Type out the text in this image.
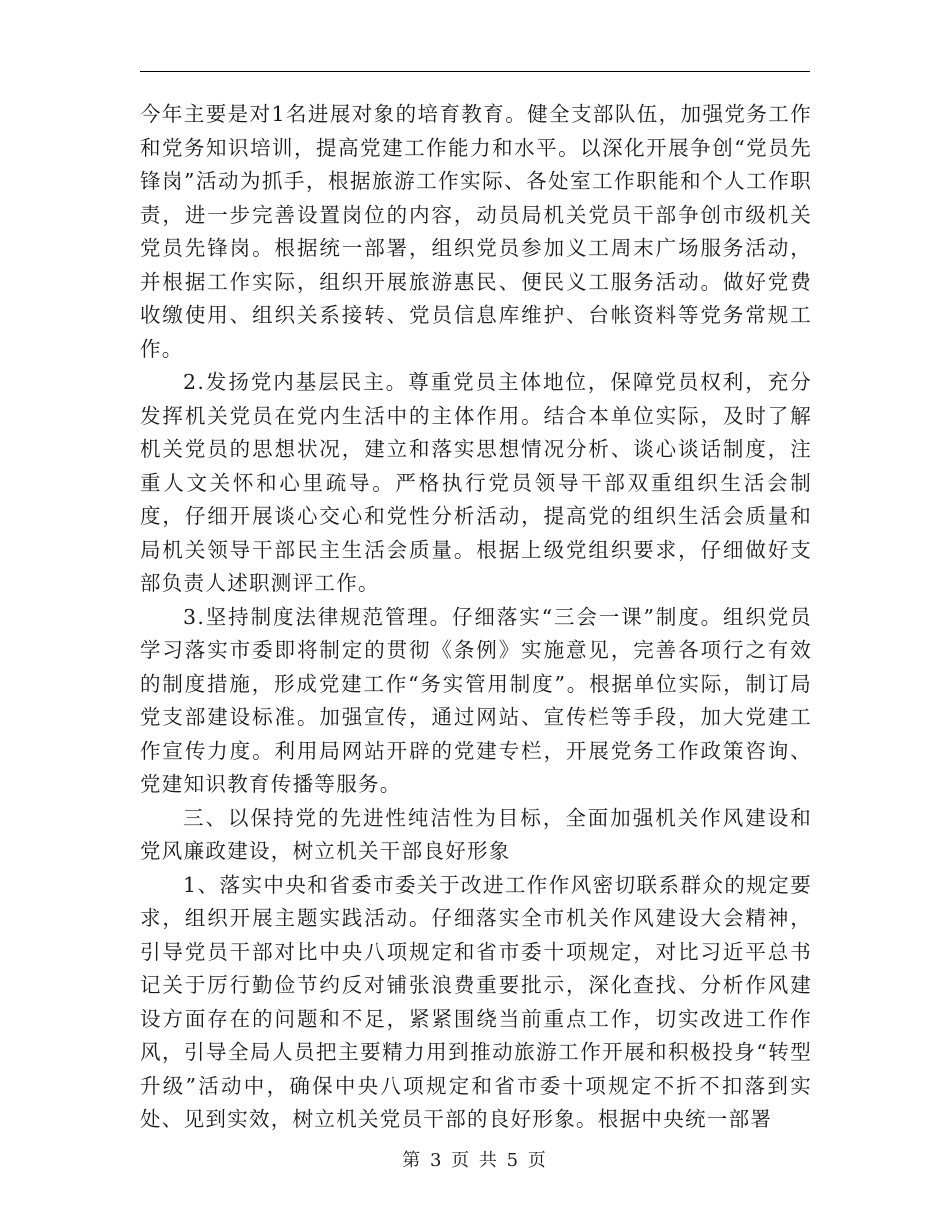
今年主要是对1名进展对象的培育教育。健全支部队伍，加强党务工作和党务知识培训，提高党建工作能力和水平。以深化开展争创“党员先锋岗”活动为抓手，根据旅游工作实际、各处室工作职能和个人工作职责，进一步完善设置岗位的内容，动员局机关党员干部争创市级机关党员先锋岗。根据统一部署，组织党员参加义工周末广场服务活动，并根据工作实际，组织开展旅游惠民、便民义工服务活动。做好党费收缴使用、组织关系接转、党员信息库维护、台帐资料等党务常规工作。

2.发扬党内基层民主。尊重党员主体地位，保障党员权利，充分发挥机关党员在党内生活中的主体作用。结合本单位实际，及时了解机关党员的思想状况，建立和落实思想情况分析、谈心谈话制度，注重人文关怀和心里疏导。严格执行党员领导干部双重组织生活会制度，仔细开展谈心交心和党性分析活动，提高党的组织生活会质量和局机关领导干部民主生活会质量。根据上级党组织要求，仔细做好支部负责人述职测评工作。

3.坚持制度法律规范管理。仔细落实“三会一课”制度。组织党员学习落实市委即将制定的贯彻《条例》实施意见，完善各项行之有效的制度措施，形成党建工作“务实管用制度”。根据单位实际，制订局党支部建设标准。加强宣传，通过网站、宣传栏等手段，加大党建工作宣传力度。利用局网站开辟的党建专栏，开展党务工作政策咨询、党建知识教育传播等服务。

三、以保持党的先进性纯洁性为目标，全面加强机关作风建设和党风廉政建设，树立机关干部良好形象

1、落实中央和省委市委关于改进工作作风密切联系群众的规定要求，组织开展主题实践活动。仔细落实全市机关作风建设大会精神，引导党员干部对比中央八项规定和省市委十项规定，对比习近平总书记关于厉行勤俭节约反对铺张浪费重要批示，深化查找、分析作风建设方面存在的问题和不足，紧紧围绕当前重点工作，切实改进工作作风，引导全局人员把主要精力用到推动旅游工作开展和积极投身“转型升级”活动中，确保中央八项规定和省市委十项规定不折不扣落到实处、见到实效，树立机关党员干部的良好形象。根据中央统一部署

第 3 页 共 5 页
